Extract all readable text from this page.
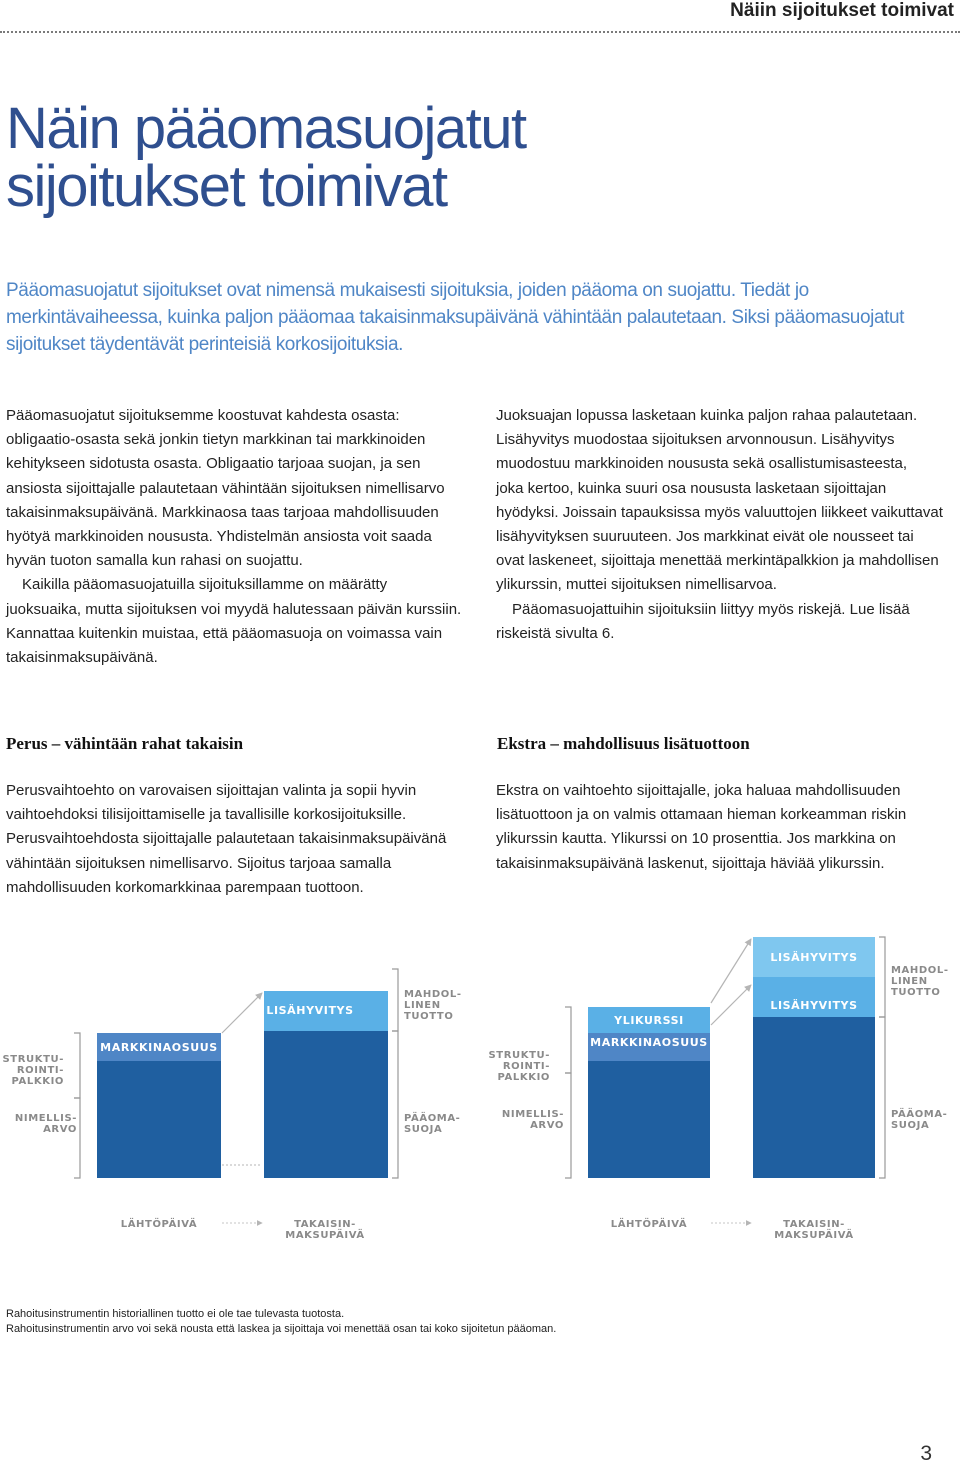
Näiin sijoitukset toimivat
Näin pääomasuojatut
sijoitukset toimivat
Pääomasuojatut sijoitukset ovat nimensä mukaisesti sijoituksia, joiden pääoma on suojattu. Tiedät jo
merkintävaiheessa, kuinka paljon pääomaa takaisinmaksupäivänä vähintään palautetaan. Siksi pääomasuojatut
sijoitukset täydentävät perinteisiä korkosijoituksia.

Pääomasuojatut sijoituksemme koostuvat kahdesta osasta:

obligaatio-osasta sekä jonkin tietyn markkinan tai markkinoiden

kehitykseen sidotusta osasta. Obligaatio tarjoaa suojan, ja sen

ansiosta sijoittajalle palautetaan vähintään sijoituksen nimellisarvo

takaisinmaksupäivänä. Markkinaosa taas tarjoaa mahdollisuuden

hyötyä markkinoiden noususta. Yhdistelmän ansiosta voit saada

hyvän tuoton samalla kun rahasi on suojattu.

Kaikilla pääomasuojatuilla sijoituksillamme on määrätty

juoksuaika, mutta sijoituksen voi myydä halutessaan päivän kurssiin.

Kannattaa kuitenkin muistaa, että pääomasuoja on voimassa vain

takaisinmaksupäivänä.

Juoksuajan lopussa lasketaan kuinka paljon rahaa palautetaan.

Lisähyvitys muodostaa sijoituksen arvonnousun. Lisähyvitys

muodostuu markkinoiden noususta sekä osallistumisasteesta,

joka kertoo, kuinka suuri osa noususta lasketaan sijoittajan

hyödyksi. Joissain tapauksissa myös valuuttojen liikkeet vaikuttavat

lisähyvityksen suuruuteen. Jos markkinat eivät ole nousseet tai

ovat laskeneet, sijoittaja menettää merkintäpalkkion ja mahdollisen

ylikurssin, muttei sijoituksen nimellisarvoa.

Pääomasuojattuihin sijoituksiin liittyy myös riskejä. Lue lisää

riskeistä sivulta 6.

Perus – vähintään rahat takaisin	Ekstra – mahdollisuus lisätuottoon

Perusvaihtoehto on varovaisen sijoittajan valinta ja sopii hyvin

vaihtoehdoksi tilisijoittamiselle ja tavallisille korkosijoituksille.

Perusvaihtoehdosta sijoittajalle palautetaan takaisinmaksupäivänä

vähintään sijoituksen nimellisarvo. Sijoitus tarjoaa samalla

mahdollisuuden korkomarkkinaa parempaan tuottoon.

Ekstra on vaihtoehto sijoittajalle, joka haluaa mahdollisuuden

lisätuottoon ja on valmis ottamaan hieman korkeamman riskin

ylikurssin kautta. Ylikurssi on 10 prosenttia. Jos markkina on

takaisinmaksupäivänä laskenut, sijoittaja häviää ylikurssin.

LISÄHYVITYS
MARKKINAOSUUS
OBLIGAATIO	NIMELLISARVO
MAHDOL-
LINEN
TUOTTO
STRUKTU-
ROINTI-
PALKKIO
NIMELLIS-
ARVO
PÄÄOMA-
SUOJA
LÄHTÖPÄIVÄ	TAKAISIN-
MAKSUPÄIVÄ
LISÄHYVITYS
LISÄHYVITYS
MARKKINAOSUUS
OBLIGATION	NIMELLISARVO
MAHDOL-
LINEN
TUOTTO
STRUKTU-
ROINTI-
PALKKIO
NIMELLIS-
ARVO
PÄÄOMA-
SUOJA
LÄHTÖPÄIVÄ	TAKAISIN-
MAKSUPÄIVÄ
YLIKURSSI
Rahoitusinstrumentin historiallinen tuotto ei ole tae tulevasta tuotosta.
Rahoitusinstrumentin arvo voi sekä nousta että laskea ja sijoittaja voi menettää osan tai koko sijoitetun pääoman.
3
